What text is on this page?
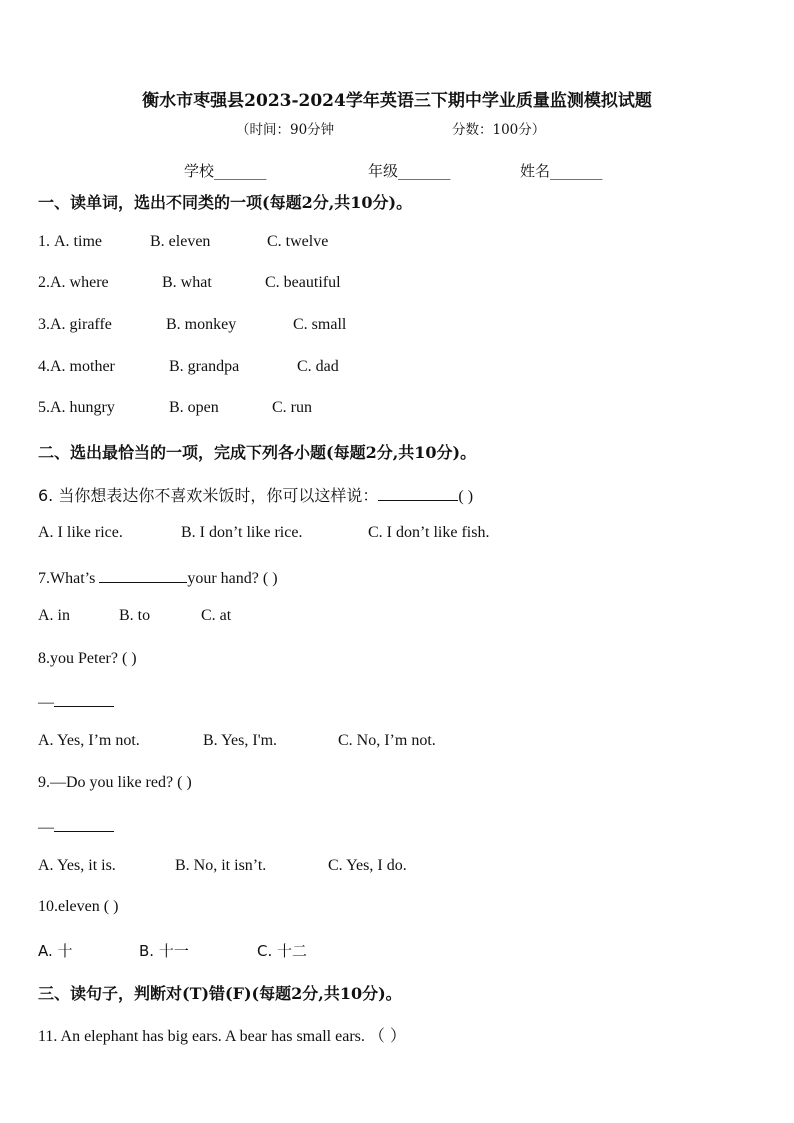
衡水市枣强县2023-2024学年英语三下期中学业质量监测模拟试题
（时间：90分钟	分数：100分）
学校_______	年级_______	姓名_______
一、读单词，选出不同类的一项(每题2分,共10分)。
1. A. time	B. eleven	C. twelve
2.A. where	B. what	C. beautiful
3.A. giraffe	B. monkey	C. small
4.A. mother	B. grandpa	C. dad
5.A. hungry	B. open	C. run
二、选出最恰当的一项，完成下列各小题(每题2分,共10分)。
6. 当你想表达你不喜欢米饭时，你可以这样说：	( )
A. I like rice.	B. I don’t like rice.	C. I don’t like fish.
7.What’s	your hand? ( )
A. in	B. to	C. at
8.you Peter? ( )
—
A. Yes, I’m not.	B. Yes, I'm.	C. No, I’m not.
9.—Do you like red? ( )
—
A. Yes, it is.	B. No, it isn’t.	C. Yes, I do.
10.eleven ( )
A. 十	B. 十一	C. 十二
三、读句子，判断对(T)错(F)(每题2分,共10分)。
11. An elephant has big ears. A bear has small ears. （ ）
